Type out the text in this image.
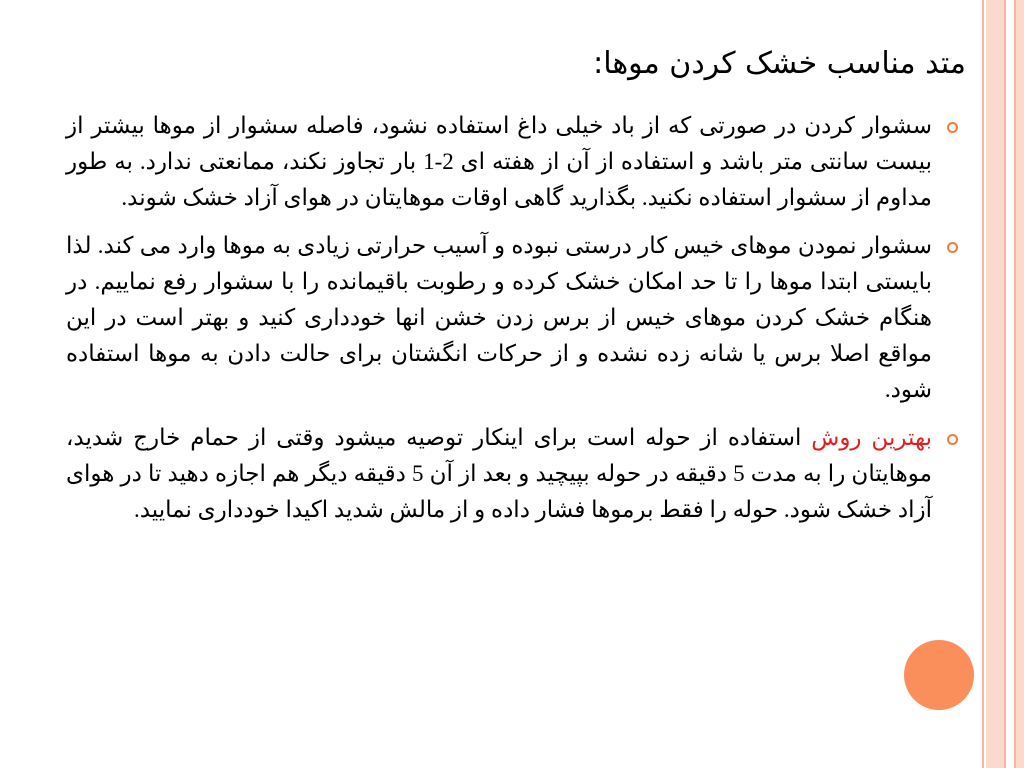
متد مناسب خشک کردن موها:

سشوار کردن در صورتی که از باد خیلی داغ استفاده نشود، فاصله سشوار از موها بیشتر از بیست سانتی متر باشد و استفاده از آن از هفته ای 2-1 بار تجاوز نکند، ممانعتی ندارد. به طور مداوم از سشوار استفاده نکنید. بگذارید گاهی اوقات موهایتان در هوای آزاد خشک شوند.

سشوار نمودن موهای خیس کار درستی نبوده و آسیب حرارتی زیادی به موها وارد می کند. لذا بایستی ابتدا موها را تا حد امکان خشک کرده و رطوبت باقیمانده را با سشوار رفع نماییم. در هنگام خشک کردن موهای خیس از برس زدن خشن انها خودداری کنید و بهتر است در این مواقع اصلا برس یا شانه زده نشده و از حرکات انگشتان برای حالت دادن به موها استفاده شود.

بهترین روش استفاده از حوله است برای اینکار توصیه میشود وقتی از حمام خارج شدید، موهایتان را به مدت 5 دقیقه در حوله بپیچید و بعد از آن 5 دقیقه دیگر هم اجازه دهید تا در هوای آزاد خشک شود. حوله را فقط برموها فشار داده و از مالش شدید اکیدا خودداری نمایید.
